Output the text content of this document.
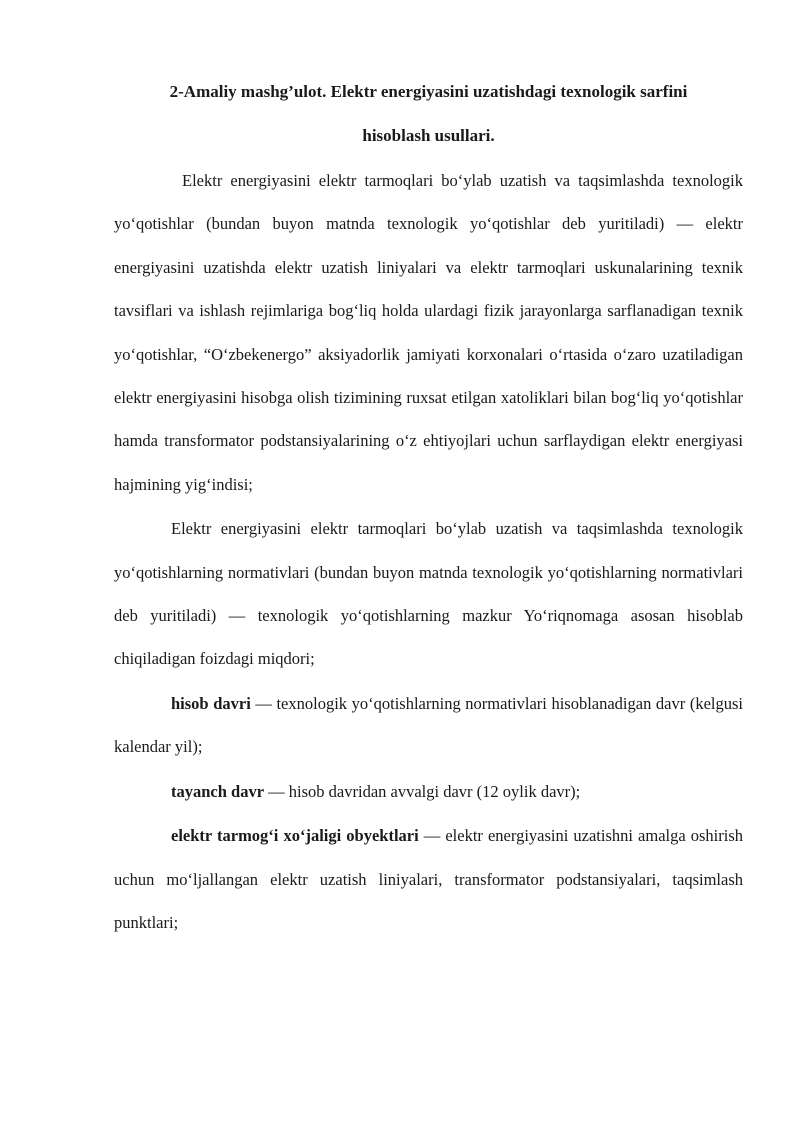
2-Amaliy mashg’ulot. Elektr energiyasini uzatishdagi texnologik sarfini
hisoblash usullari.

Elektr energiyasini elektr tarmoqlari bo‘ylab uzatish va taqsimlashda texnologik yo‘qotishlar (bundan buyon matnda texnologik yo‘qotishlar deb yuritiladi) — elektr energiyasini uzatishda elektr uzatish liniyalari va elektr tarmoqlari uskunalarining texnik tavsiflari va ishlash rejimlariga bog‘liq holda ulardagi fizik jarayonlarga sarflanadigan texnik yo‘qotishlar, “O‘zbekenergo” aksiyadorlik jamiyati korxonalari o‘rtasida o‘zaro uzatiladigan elektr energiyasini hisobga olish tizimining ruxsat etilgan xatoliklari bilan bog‘liq yo‘qotishlar hamda transformator podstansiyalarining o‘z ehtiyojlari uchun sarflaydigan elektr energiyasi hajmining yig‘indisi;

Elektr energiyasini elektr tarmoqlari bo‘ylab uzatish va taqsimlashda texnologik yo‘qotishlarning normativlari (bundan buyon matnda texnologik yo‘qotishlarning normativlari deb yuritiladi) — texnologik yo‘qotishlarning mazkur Yo‘riqnomaga asosan hisoblab chiqiladigan foizdagi miqdori;

hisob davri — texnologik yo‘qotishlarning normativlari hisoblanadigan davr (kelgusi kalendar yil);

tayanch davr — hisob davridan avvalgi davr (12 oylik davr);

elektr tarmog‘i xo‘jaligi obyektlari — elektr energiyasini uzatishni amalga oshirish uchun mo‘ljallangan elektr uzatish liniyalari, transformator podstansiyalari, taqsimlash punktlari;
